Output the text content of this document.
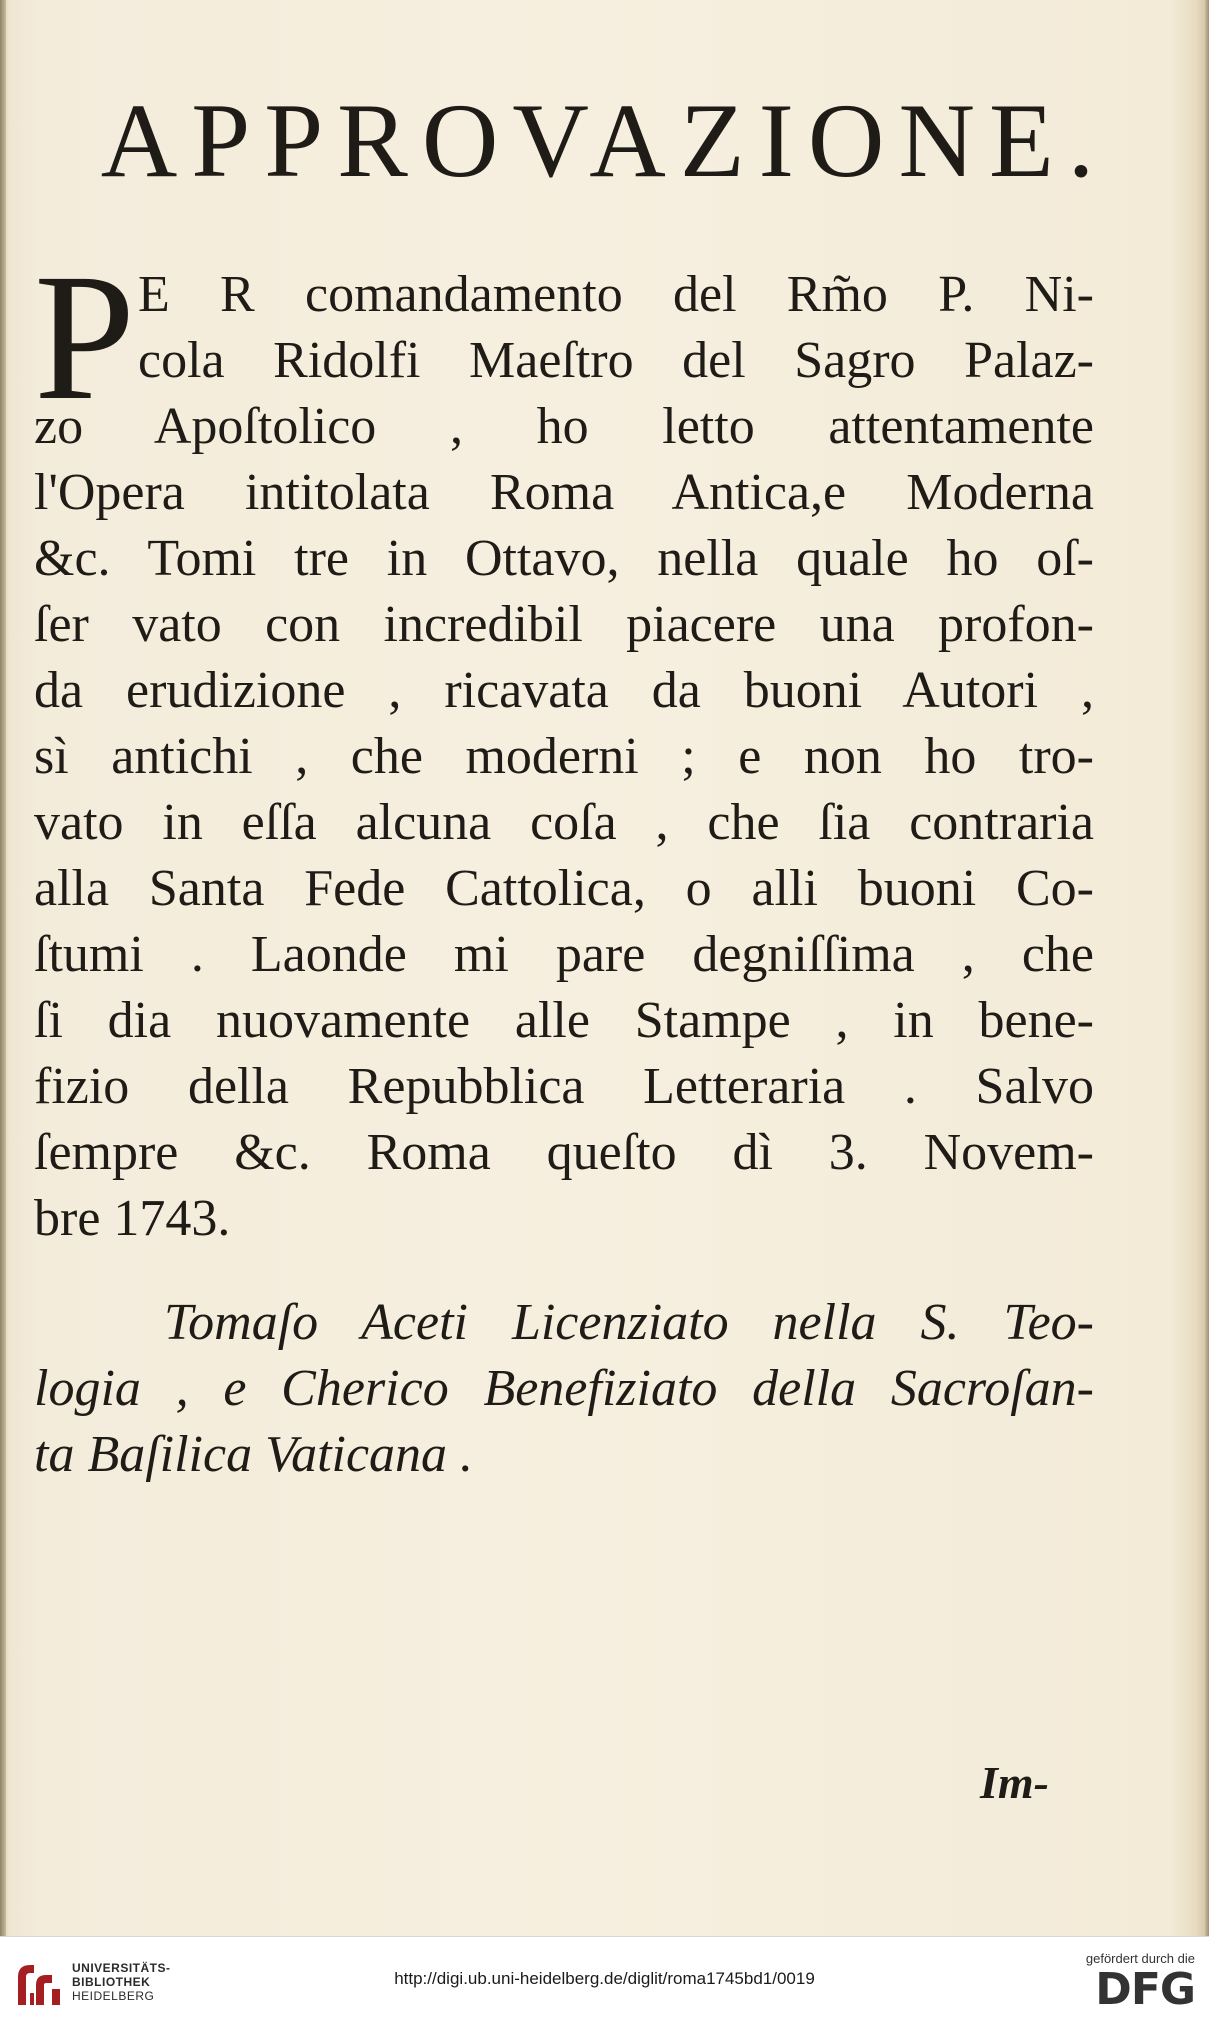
APPROVAZIONE.
P E R comandamento del Rm̃o P. Ni-
cola Ridolfi Maeſtro del Sagro Palaz-
zo Apoſtolico , ho letto attentamente
l'Opera intitolata Roma Antica,e Moderna
&c. Tomi tre in Ottavo, nella quale ho oſ-
ſer vato con incredibil piacere una profon-
da erudizione , ricavata da buoni Autori ,
sì antichi , che moderni ; e non ho tro-
vato in eſſa alcuna coſa , che ſia contraria
alla Santa Fede Cattolica, o alli buoni Co-
ſtumi . Laonde mi pare degniſſima , che
ſi dia nuovamente alle Stampe , in bene-
fizio della Repubblica Letteraria . Salvo
ſempre &c. Roma queſto dì 3. Novem-
bre 1743.
Tomaſo Aceti Licenziato nella S. Teo-
logia , e Cherico Benefiziato della Sacroſan-
ta Baſilica Vaticana .
Im-
UNIVERSITÄTS-
BIBLIOTHEK
HEIDELBERG
http://digi.ub.uni-heidelberg.de/diglit/roma1745bd1/0019
gefördert durch die
DFG
